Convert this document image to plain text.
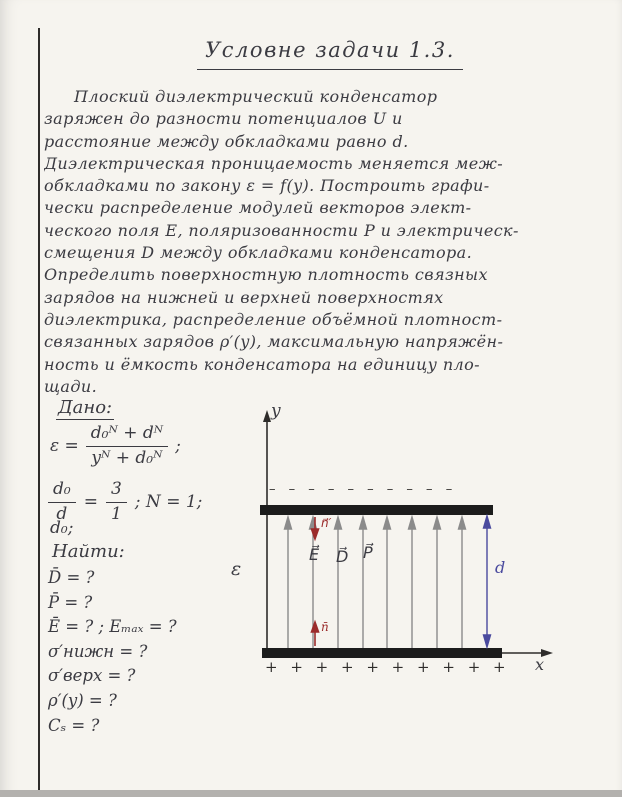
Условне задачи 1.3.
Плоский диэлектрический конденсатор
заряжен до разности потенциалов U и
расстояние между обкладками равно d.
Диэлектрическая проницаемость меняется меж-
обкладками по закону ε = f(y). Построить графи-
чески распределение модулей векторов элект-
ческого поля E, поляризованности P и электрическ-
смещения D между обкладками конденсатора.
Определить поверхностную плотность связных
зарядов на нижней и верхней поверхностях
диэлектрика, распределение объёмной плотност-
связанных зарядов ρ′(y), максимальную напряжён-
ность и ёмкость конденсатора на единицу пло-
щади.
Дано:
$\varepsilon = \frac{\text{d₀ᴺ + dᴺ}}{\text{yᴺ + d₀ᴺ}}$ ;
$\frac{\text{d₀}}{d} = \frac{3}{1}$ ; N = 1;
d₀;
Найти:
D̄ = ?
P̄ = ?
Ē = ? ; Eₘₐₓ = ?
σ′нижн = ?
σ′верх = ?
ρ′(y) = ?
Cₛ = ?
y
x
– – – – – – – – – –
+ + + + + + + + + +
ε
E⃗ D⃗ P⃗
n⃗′
n̄
d
